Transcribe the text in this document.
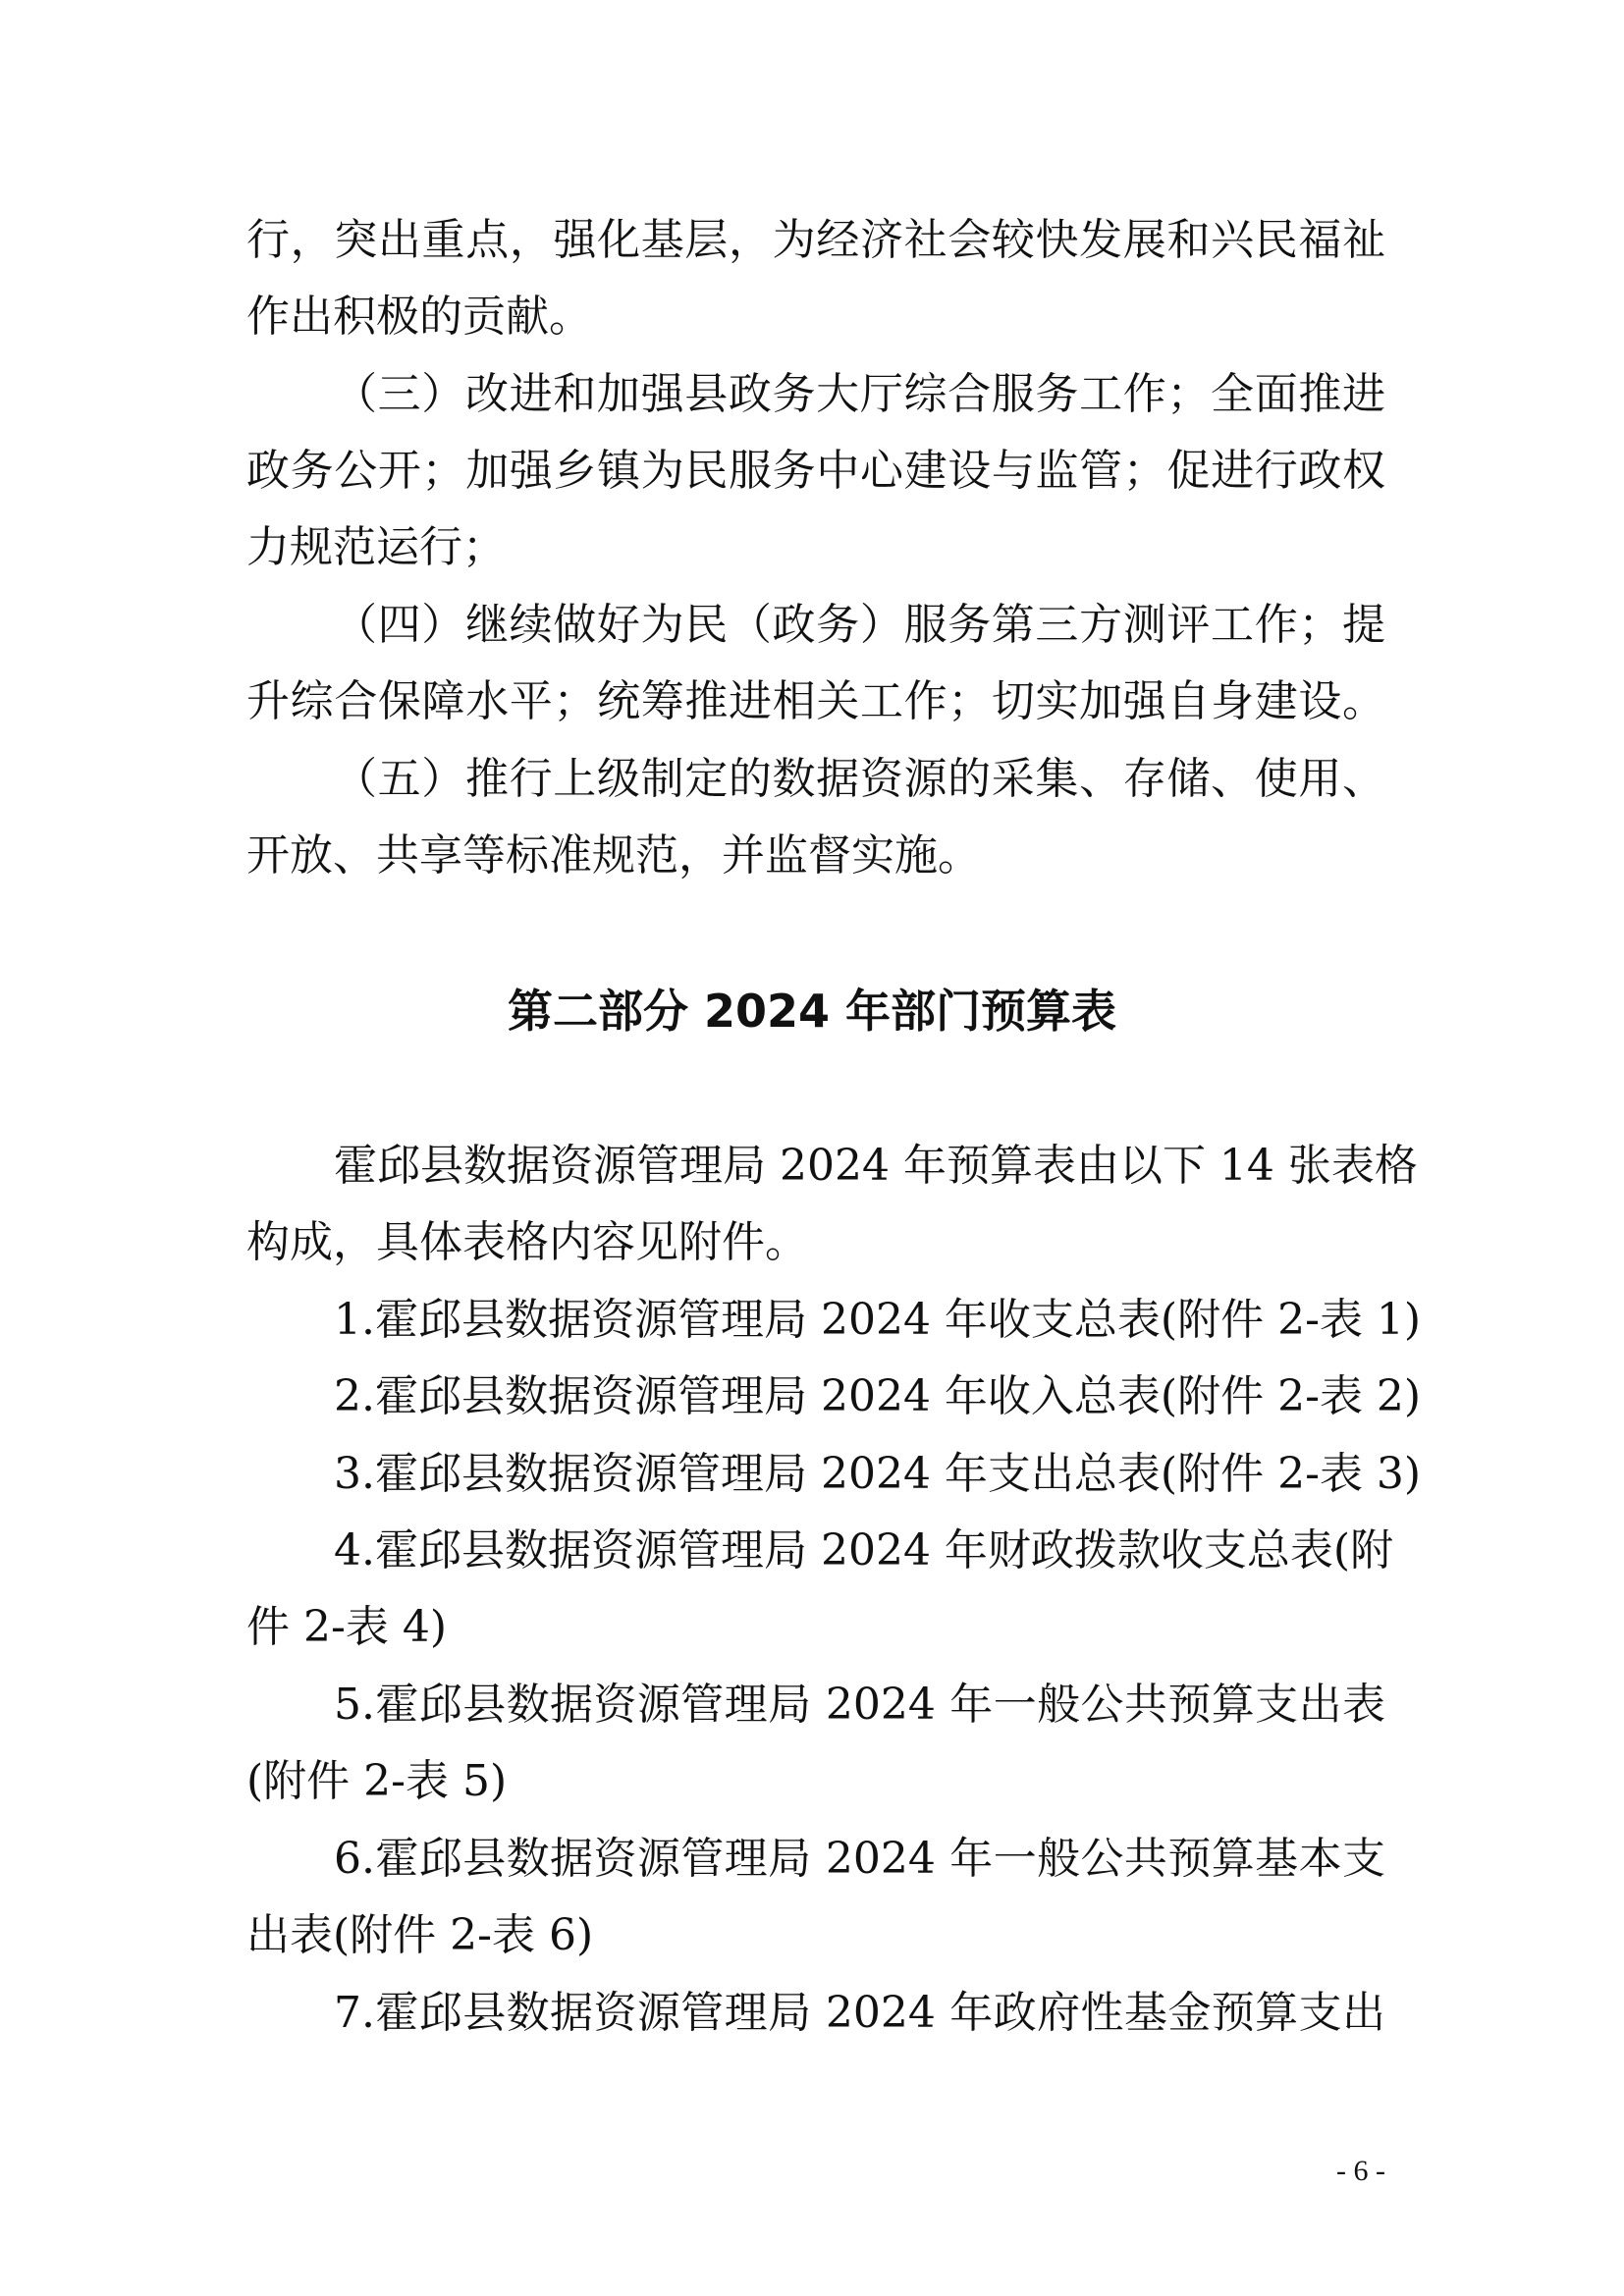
行，突出重点，强化基层，为经济社会较快发展和兴民福祉
作出积极的贡献。
（三）改进和加强县政务大厅综合服务工作；全面推进
政务公开；加强乡镇为民服务中心建设与监管；促进行政权
力规范运行；
（四）继续做好为民（政务）服务第三方测评工作；提
升综合保障水平；统筹推进相关工作；切实加强自身建设。
（五）推行上级制定的数据资源的采集、存储、使用、
开放、共享等标准规范，并监督实施。
第二部分 2024 年部门预算表
霍邱县数据资源管理局 2024 年预算表由以下 14 张表格
构成，具体表格内容见附件。
1.霍邱县数据资源管理局 2024 年收支总表(附件 2-表 1)
2.霍邱县数据资源管理局 2024 年收入总表(附件 2-表 2)
3.霍邱县数据资源管理局 2024 年支出总表(附件 2-表 3)
4.霍邱县数据资源管理局 2024 年财政拨款收支总表(附
件 2-表 4)
5.霍邱县数据资源管理局 2024 年一般公共预算支出表
(附件 2-表 5)
6.霍邱县数据资源管理局 2024 年一般公共预算基本支
出表(附件 2-表 6)
7.霍邱县数据资源管理局 2024 年政府性基金预算支出
- 6 -
